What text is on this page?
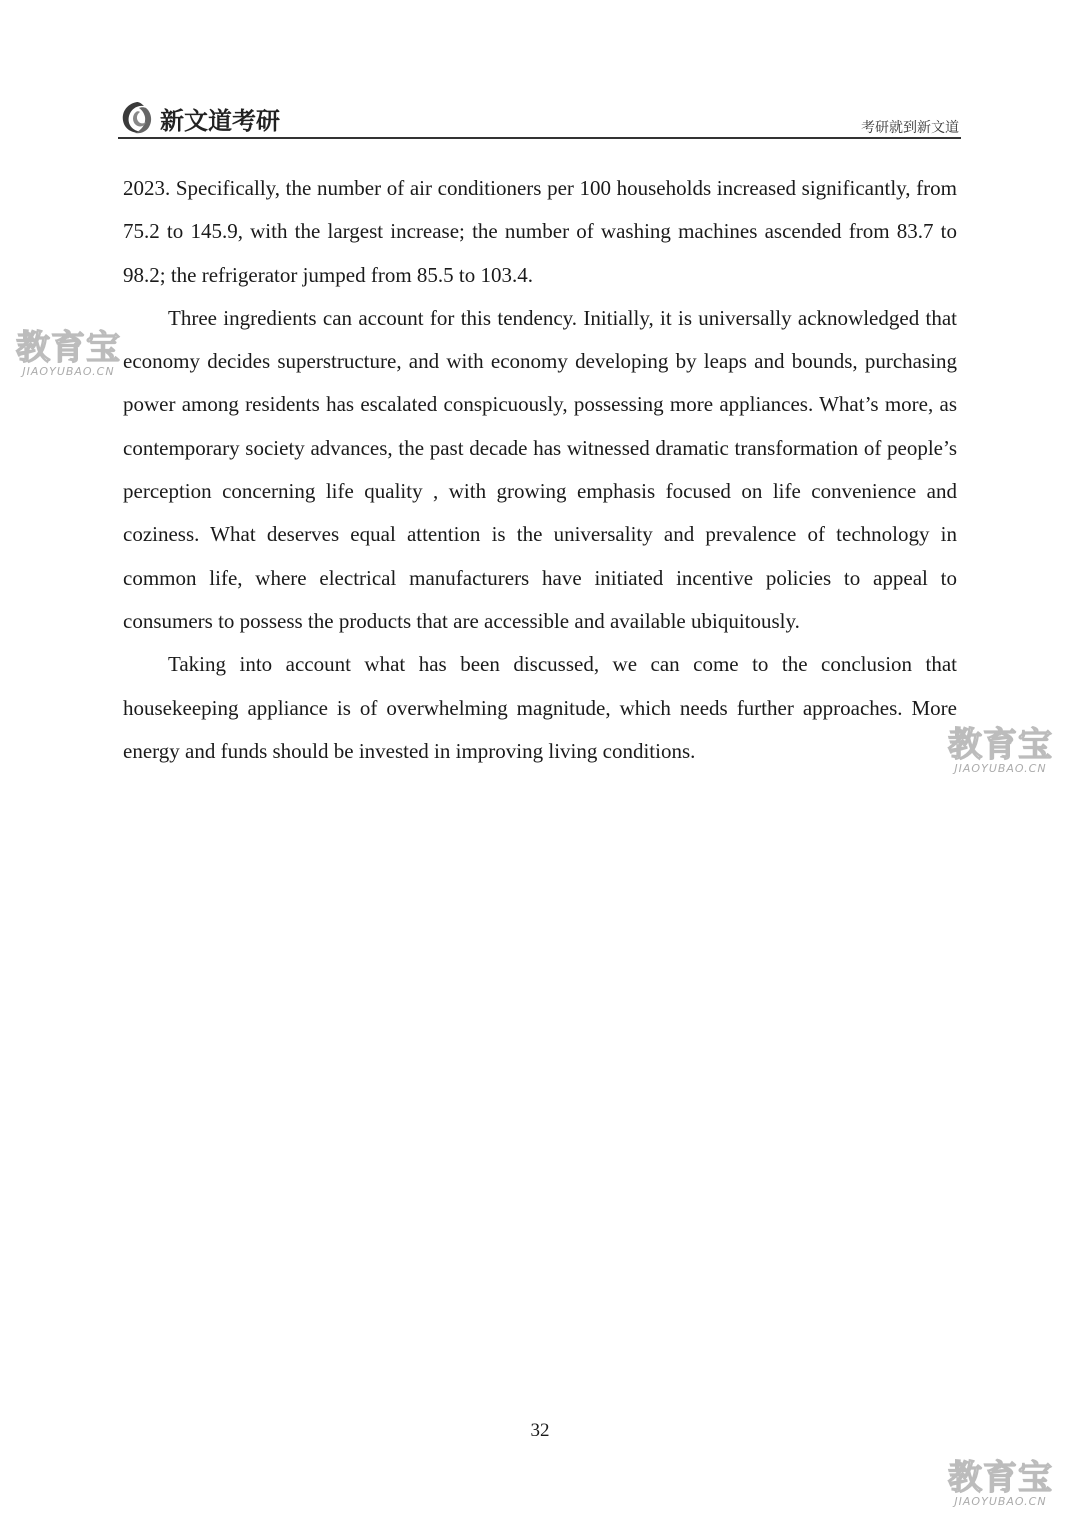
新文道考研	考研就到新文道

2023. Specifically, the number of air conditioners per 100 households increased significantly, from 75.2 to 145.9, with the largest increase; the number of washing machines ascended from 83.7 to 98.2; the refrigerator jumped from 85.5 to 103.4.

Three ingredients can account for this tendency. Initially, it is universally acknowledged that economy decides superstructure, and with economy developing by leaps and bounds, purchasing power among residents has escalated conspicuously, possessing more appliances. What’s more, as contemporary society advances, the past decade has witnessed dramatic transformation of people’s perception concerning life quality , with growing emphasis focused on life convenience and coziness. What deserves equal attention is the universality and prevalence of technology in common life, where electrical manufacturers have initiated incentive policies to appeal to consumers to possess the products that are accessible and available ubiquitously.

Taking into account what has been discussed, we can come to the conclusion that housekeeping appliance is of overwhelming magnitude, which needs further approaches. More energy and funds should be invested in improving living conditions.

32
教育宝
JIAOYUBAO.CN
教育宝
JIAOYUBAO.CN
教育宝
JIAOYUBAO.CN
